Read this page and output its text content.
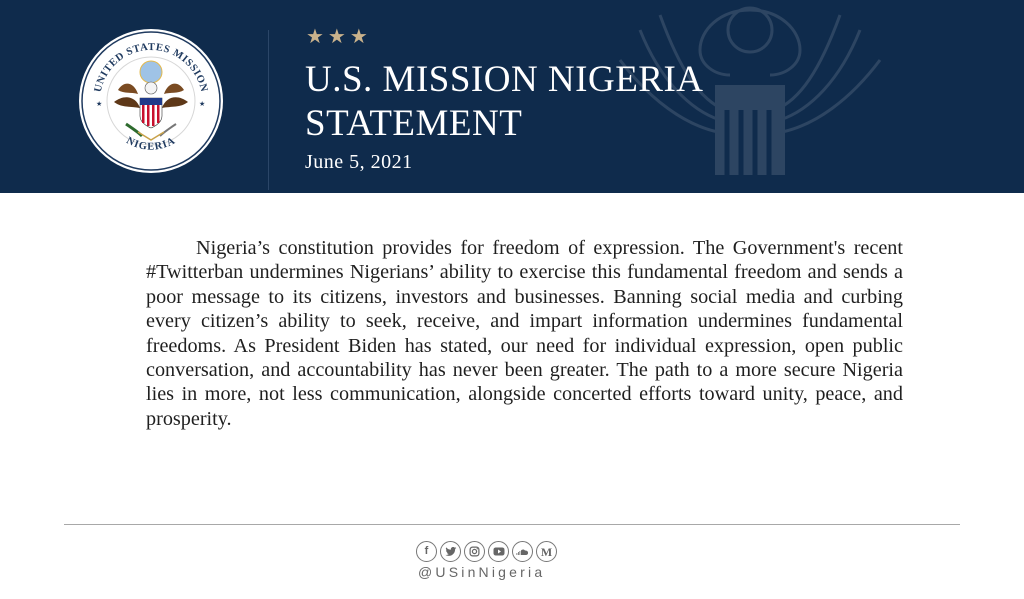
UNITED STATES MISSION
NIGERIA
★	★
★★★
U.S. MISSION NIGERIA
STATEMENT
June 5, 2021

Nigeria’s constitution provides for freedom of expression. The Government's recent #Twitterban undermines Nigerians’ ability to exercise this fundamental freedom and sends a poor message to its citizens, investors and businesses. Banning social media and curbing every citizen’s ability to seek, receive, and impart information undermines fundamental freedoms. As President Biden has stated, our need for individual expression, open public conversation, and accountability has never been greater. The path to a more secure Nigeria lies in more, not less communication, alongside concerted efforts toward unity, peace, and prosperity.

f	M
@USinNigeria
